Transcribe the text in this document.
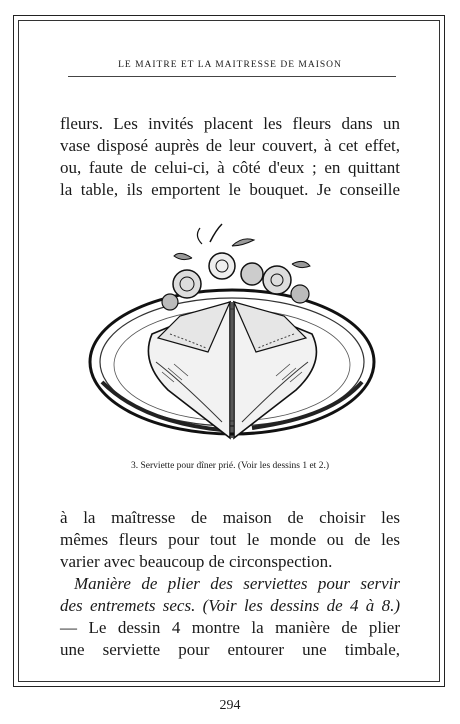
LE MAITRE ET LA MAITRESSE DE MAISON
fleurs. Les invités placent les fleurs dans un
vase disposé auprès de leur couvert, à cet effet,
ou, faute de celui-ci, à côté d'eux ; en quittant
la table, ils emportent le bouquet. Je conseille
3. Serviette pour dîner prié. (Voir les dessins 1 et 2.)
à la maîtresse de maison de choisir les
mêmes fleurs pour tout le monde ou de les
varier avec beaucoup de circonspection.
Manière de plier des serviettes pour servir
des entremets secs. (Voir les dessins de 4 à 8.)
— Le dessin 4 montre la manière de plier
une serviette pour entourer une timbale,
294
